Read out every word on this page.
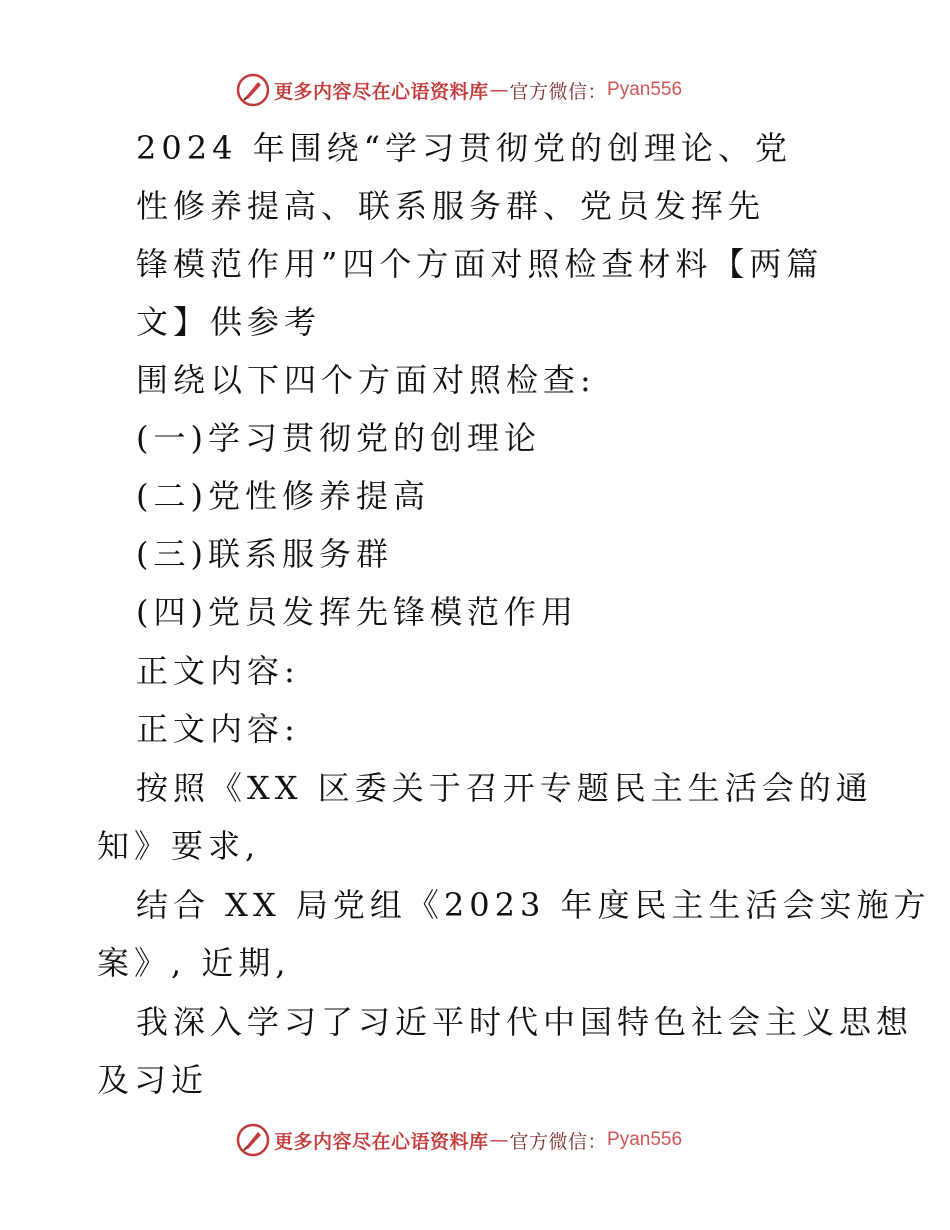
更多内容尽在心语资料库 — 官方微信： Pyan556
2024 年围绕“学习贯彻党的创理论、党
性修养提高、联系服务群、党员发挥先
锋模范作用”四个方面对照检查材料【两篇
文】供参考
围绕以下四个方面对照检查:
(一)学习贯彻党的创理论
(二)党性修养提高
(三)联系服务群
(四)党员发挥先锋模范作用
正文内容:
正文内容:
按照《XX 区委关于召开专题民主生活会的通
知》要求,
结合 XX 局党组《2023 年度民主生活会实施方
案》, 近期,
我深入学习了习近平时代中国特色社会主义思想
及习近
更多内容尽在心语资料库 — 官方微信： Pyan556
